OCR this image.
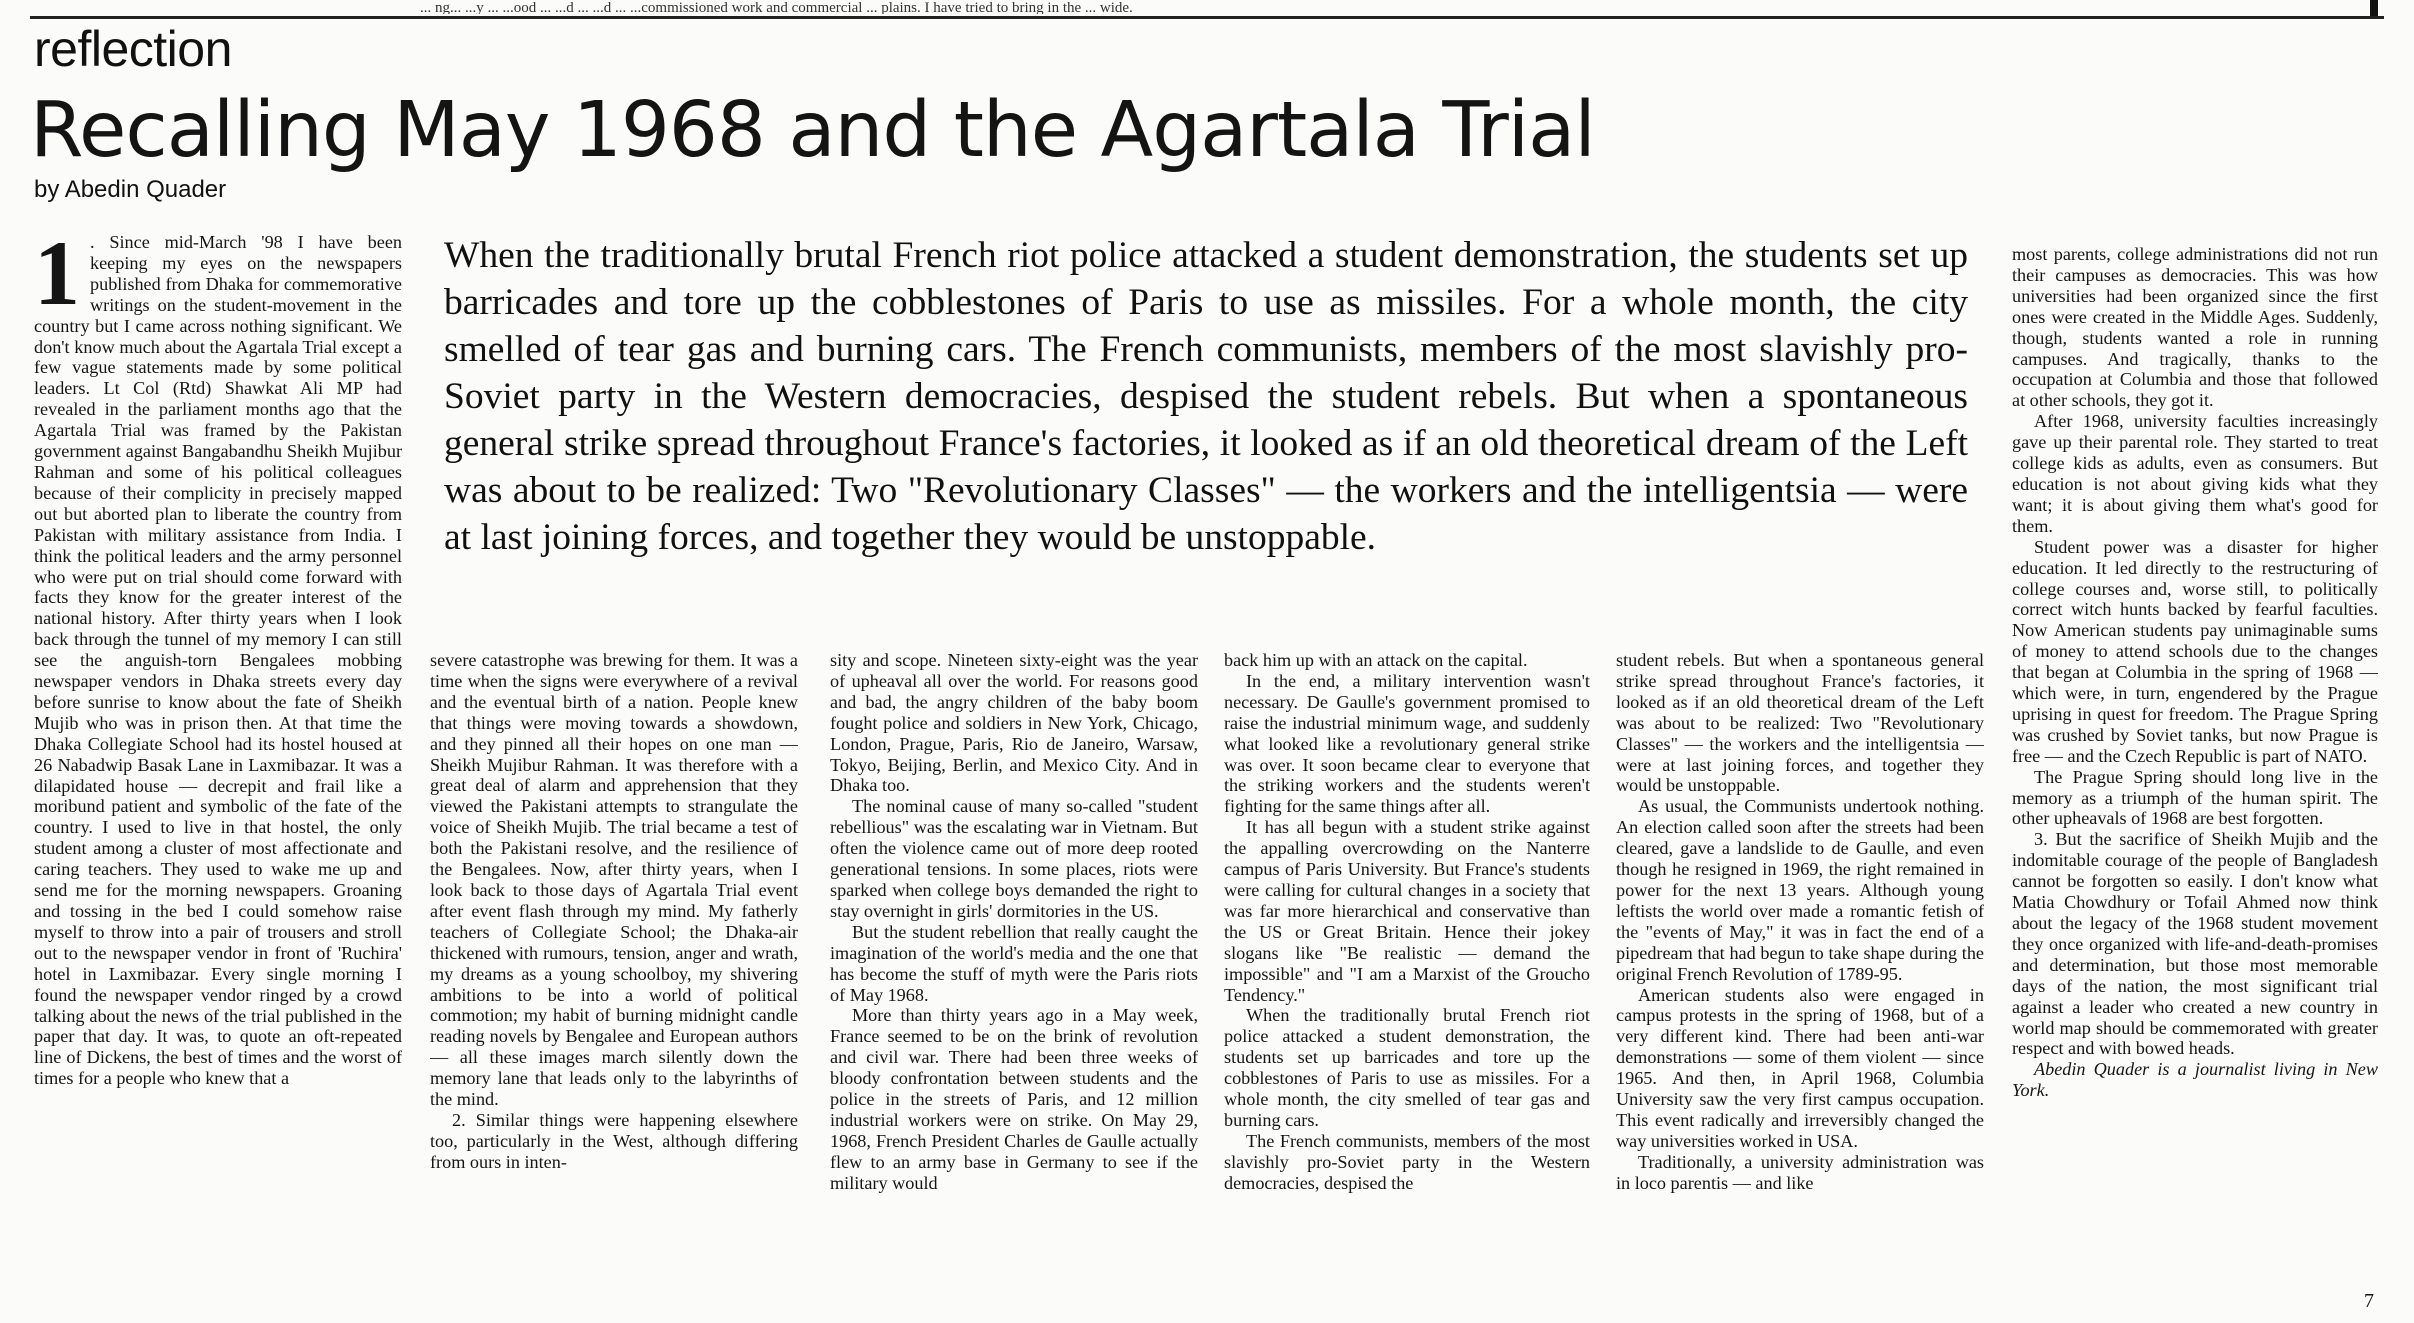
... ng... ...y ... ...ood ... ...d ... ...d ... ...commissioned work and commercial ... plains. I have tried to bring in the ... wide.
reflection
Recalling May 1968 and the Agartala Trial
by Abedin Quader
1 . Since mid-March '98 I have been keeping my eyes on the newspapers published from Dhaka for commemorative writings on the student-movement in the country but I came across nothing significant. We don't know much about the Agartala Trial except a few vague statements made by some political leaders. Lt Col (Rtd) Shawkat Ali MP had revealed in the parliament months ago that the Agartala Trial was framed by the Pakistan government against Bangabandhu Sheikh Mujibur Rahman and some of his political colleagues because of their complicity in precisely mapped out but aborted plan to liberate the country from Pakistan with military assistance from India. I think the political leaders and the army personnel who were put on trial should come forward with facts they know for the greater interest of the national history. After thirty years when I look back through the tunnel of my memory I can still see the anguish-torn Bengalees mobbing newspaper vendors in Dhaka streets every day before sunrise to know about the fate of Sheikh Mujib who was in prison then. At that time the Dhaka Collegiate School had its hostel housed at 26 Nabadwip Basak Lane in Laxmibazar. It was a dilapidated house — decrepit and frail like a moribund patient and symbolic of the fate of the country. I used to live in that hostel, the only student among a cluster of most affectionate and caring teachers. They used to wake me up and send me for the morning newspapers. Groaning and tossing in the bed I could somehow raise myself to throw into a pair of trousers and stroll out to the newspaper vendor in front of 'Ruchira' hotel in Laxmibazar. Every single morning I found the newspaper vendor ringed by a crowd talking about the news of the trial published in the paper that day. It was, to quote an oft-repeated line of Dickens, the best of times and the worst of times for a people who knew that a

When the traditionally brutal French riot police attacked a student demonstration, the students set up barricades and tore up the cobblestones of Paris to use as missiles. For a whole month, the city smelled of tear gas and burning cars. The French communists, members of the most slavishly pro-Soviet party in the Western democracies, despised the student rebels. But when a spontaneous general strike spread throughout France's factories, it looked as if an old theoretical dream of the Left was about to be realized: Two "Revolutionary Classes" — the workers and the intelligentsia — were at last joining forces, and together they would be unstoppable.

severe catastrophe was brewing for them. It was a time when the signs were everywhere of a revival and the eventual birth of a nation. People knew that things were moving towards a showdown, and they pinned all their hopes on one man — Sheikh Mujibur Rahman. It was therefore with a great deal of alarm and apprehension that they viewed the Pakistani attempts to strangulate the voice of Sheikh Mujib. The trial became a test of both the Pakistani resolve, and the resilience of the Bengalees. Now, after thirty years, when I look back to those days of Agartala Trial event after event flash through my mind. My fatherly teachers of Collegiate School; the Dhaka-air thickened with rumours, tension, anger and wrath, my dreams as a young schoolboy, my shivering ambitions to be into a world of political commotion; my habit of burning midnight candle reading novels by Bengalee and European authors — all these images march silently down the memory lane that leads only to the labyrinths of the mind.

2. Similar things were happening elsewhere too, particularly in the West, although differing from ours in inten-

sity and scope. Nineteen sixty-eight was the year of upheaval all over the world. For reasons good and bad, the angry children of the baby boom fought police and soldiers in New York, Chicago, London, Prague, Paris, Rio de Janeiro, Warsaw, Tokyo, Beijing, Berlin, and Mexico City. And in Dhaka too.

The nominal cause of many so-called "student rebellious" was the escalating war in Vietnam. But often the violence came out of more deep rooted generational tensions. In some places, riots were sparked when college boys demanded the right to stay overnight in girls' dormitories in the US.

But the student rebellion that really caught the imagination of the world's media and the one that has become the stuff of myth were the Paris riots of May 1968.

More than thirty years ago in a May week, France seemed to be on the brink of revolution and civil war. There had been three weeks of bloody confrontation between students and the police in the streets of Paris, and 12 million industrial workers were on strike. On May 29, 1968, French President Charles de Gaulle actually flew to an army base in Germany to see if the military would

back him up with an attack on the capital.

In the end, a military intervention wasn't necessary. De Gaulle's government promised to raise the industrial minimum wage, and suddenly what looked like a revolutionary general strike was over. It soon became clear to everyone that the striking workers and the students weren't fighting for the same things after all.

It has all begun with a student strike against the appalling overcrowding on the Nanterre campus of Paris University. But France's students were calling for cultural changes in a society that was far more hierarchical and conservative than the US or Great Britain. Hence their jokey slogans like "Be realistic — demand the impossible" and "I am a Marxist of the Groucho Tendency."

When the traditionally brutal French riot police attacked a student demonstration, the students set up barricades and tore up the cobblestones of Paris to use as missiles. For a whole month, the city smelled of tear gas and burning cars.

The French communists, members of the most slavishly pro-Soviet party in the Western democracies, despised the

student rebels. But when a spontaneous general strike spread throughout France's factories, it looked as if an old theoretical dream of the Left was about to be realized: Two "Revolutionary Classes" — the workers and the intelligentsia — were at last joining forces, and together they would be unstoppable.

As usual, the Communists undertook nothing. An election called soon after the streets had been cleared, gave a landslide to de Gaulle, and even though he resigned in 1969, the right remained in power for the next 13 years. Although young leftists the world over made a romantic fetish of the "events of May," it was in fact the end of a pipedream that had begun to take shape during the original French Revolution of 1789-95.

American students also were engaged in campus protests in the spring of 1968, but of a very different kind. There had been anti-war demonstrations — some of them violent — since 1965. And then, in April 1968, Columbia University saw the very first campus occupation. This event radically and irreversibly changed the way universities worked in USA.

Traditionally, a university administration was in loco parentis — and like

most parents, college administrations did not run their campuses as democracies. This was how universities had been organized since the first ones were created in the Middle Ages. Suddenly, though, students wanted a role in running campuses. And tragically, thanks to the occupation at Columbia and those that followed at other schools, they got it.

After 1968, university faculties increasingly gave up their parental role. They started to treat college kids as adults, even as consumers. But education is not about giving kids what they want; it is about giving them what's good for them.

Student power was a disaster for higher education. It led directly to the restructuring of college courses and, worse still, to politically correct witch hunts backed by fearful faculties. Now American students pay unimaginable sums of money to attend schools due to the changes that began at Columbia in the spring of 1968 — which were, in turn, engendered by the Prague uprising in quest for freedom. The Prague Spring was crushed by Soviet tanks, but now Prague is free — and the Czech Republic is part of NATO.

The Prague Spring should long live in the memory as a triumph of the human spirit. The other upheavals of 1968 are best forgotten.

3. But the sacrifice of Sheikh Mujib and the indomitable courage of the people of Bangladesh cannot be forgotten so easily. I don't know what Matia Chowdhury or Tofail Ahmed now think about the legacy of the 1968 student movement they once organized with life-and-death-promises and determination, but those most memorable days of the nation, the most significant trial against a leader who created a new country in world map should be commemorated with greater respect and with bowed heads.

Abedin Quader is a journalist living in New York.

7
